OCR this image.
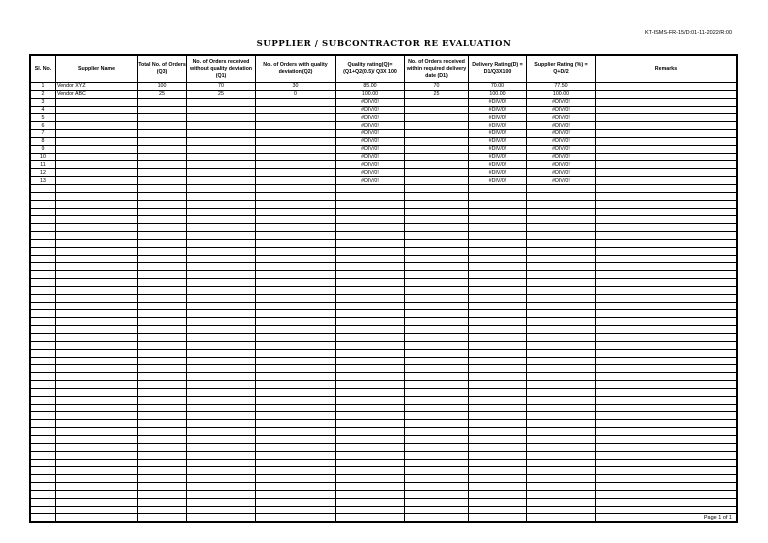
KT-ISMS-FR-15/D:01-11-2022/R:00
SUPPLIER / SUBCONTRACTOR RE EVALUATION
Sl. No.	Supplier Name	Total No. of Orders (Q3)	No. of Orders received without quality deviation (Q1)	No. of Orders with quality deviation(Q2)	Quality rating(Q)= (Q1+Q2(0.5)/ Q3X 100	No. of Orders received within required delivery date (D1)	Delivery Rating(D) = D1/Q3X100	Supplier Rating (%) = Q+D/2	Remarks
1	Vendor XYZ	100	70	30	85.00	70	70.00	77.50	
2	Vendor ABC	25	25	0	100.00	25	100.00	100.00	
3					#DIV/0!		#DIV/0!	#DIV/0!	
4					#DIV/0!		#DIV/0!	#DIV/0!	
5					#DIV/0!		#DIV/0!	#DIV/0!	
6					#DIV/0!		#DIV/0!	#DIV/0!	
7					#DIV/0!		#DIV/0!	#DIV/0!	
8					#DIV/0!		#DIV/0!	#DIV/0!	
9					#DIV/0!		#DIV/0!	#DIV/0!	
10					#DIV/0!		#DIV/0!	#DIV/0!	
11					#DIV/0!		#DIV/0!	#DIV/0!	
12					#DIV/0!		#DIV/0!	#DIV/0!	
13					#DIV/0!		#DIV/0!	#DIV/0!	

Page 1 of 1
